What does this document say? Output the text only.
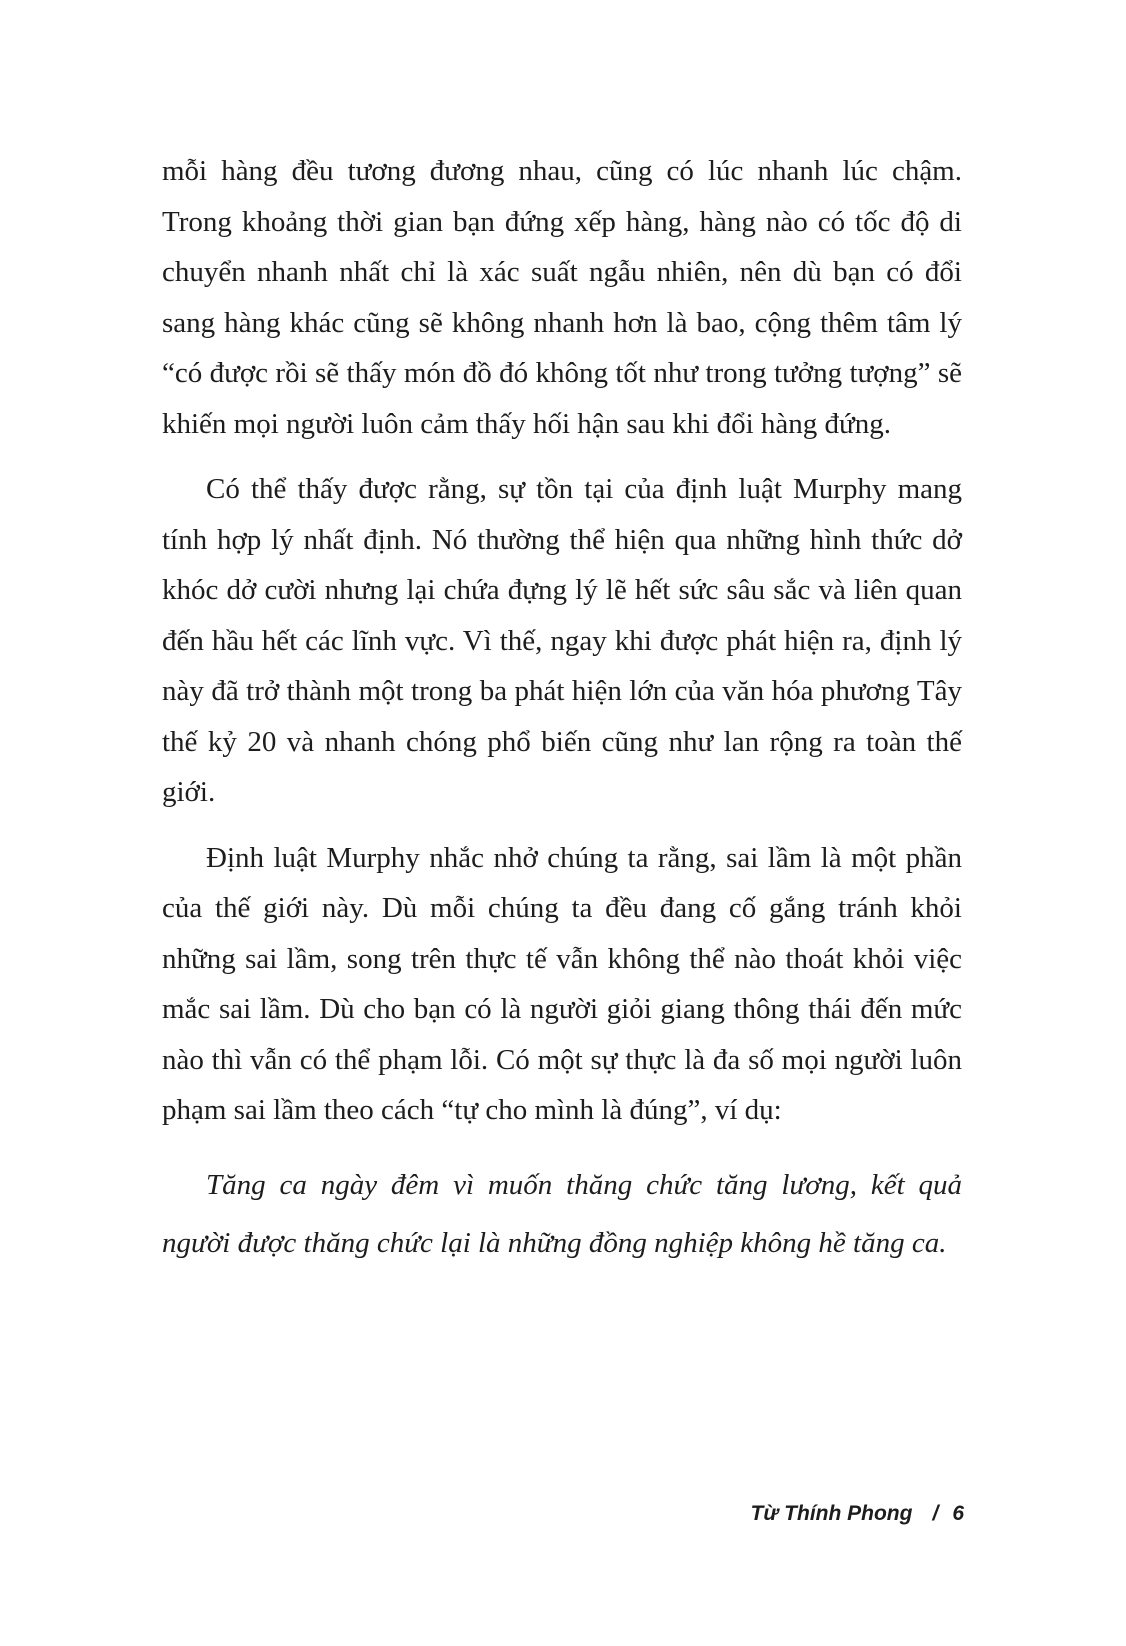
mỗi hàng đều tương đương nhau, cũng có lúc nhanh lúc chậm. Trong khoảng thời gian bạn đứng xếp hàng, hàng nào có tốc độ di chuyển nhanh nhất chỉ là xác suất ngẫu nhiên, nên dù bạn có đổi sang hàng khác cũng sẽ không nhanh hơn là bao, cộng thêm tâm lý “có được rồi sẽ thấy món đồ đó không tốt như trong tưởng tượng” sẽ khiến mọi người luôn cảm thấy hối hận sau khi đổi hàng đứng.

Có thể thấy được rằng, sự tồn tại của định luật Murphy mang tính hợp lý nhất định. Nó thường thể hiện qua những hình thức dở khóc dở cười nhưng lại chứa đựng lý lẽ hết sức sâu sắc và liên quan đến hầu hết các lĩnh vực. Vì thế, ngay khi được phát hiện ra, định lý này đã trở thành một trong ba phát hiện lớn của văn hóa phương Tây thế kỷ 20 và nhanh chóng phổ biến cũng như lan rộng ra toàn thế giới.

Định luật Murphy nhắc nhở chúng ta rằng, sai lầm là một phần của thế giới này. Dù mỗi chúng ta đều đang cố gắng tránh khỏi những sai lầm, song trên thực tế vẫn không thể nào thoát khỏi việc mắc sai lầm. Dù cho bạn có là người giỏi giang thông thái đến mức nào thì vẫn có thể phạm lỗi. Có một sự thực là đa số mọi người luôn phạm sai lầm theo cách “tự cho mình là đúng”, ví dụ:

Tăng ca ngày đêm vì muốn thăng chức tăng lương, kết quả người được thăng chức lại là những đồng nghiệp không hề tăng ca.

Từ Thính Phong / 6
